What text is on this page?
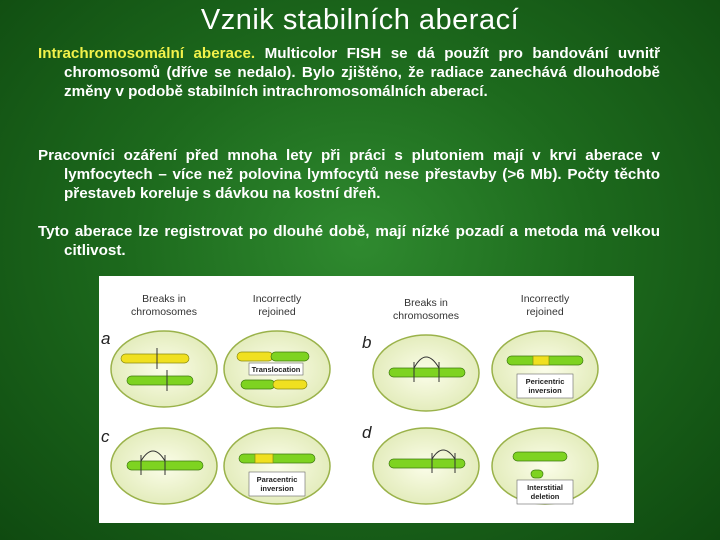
Vznik stabilních aberací
Intrachromosomální aberace. Multicolor FISH se dá použít pro bandování uvnitř chromosomů (dříve se nedalo). Bylo zjištěno, že radiace zanechává dlouhodobě změny v podobě stabilních intrachromosomálních aberací.
Pracovníci ozáření před mnoha lety při práci s plutoniem mají v krvi aberace v lymfocytech – více než polovina lymfocytů nese přestavby (>6 Mb). Počty těchto přestaveb koreluje s dávkou na kostní dřeň.
Tyto aberace lze registrovat po dlouhé době, mají nízké pozadí a metoda má velkou citlivost.
Breaks in
chromosomes
Incorrectly
rejoined
Breaks in
chromosomes
Incorrectly
rejoined
a	b
c	d
Translocation
Pericentric
inversion
Paracentric
inversion	Interstitial
deletion
